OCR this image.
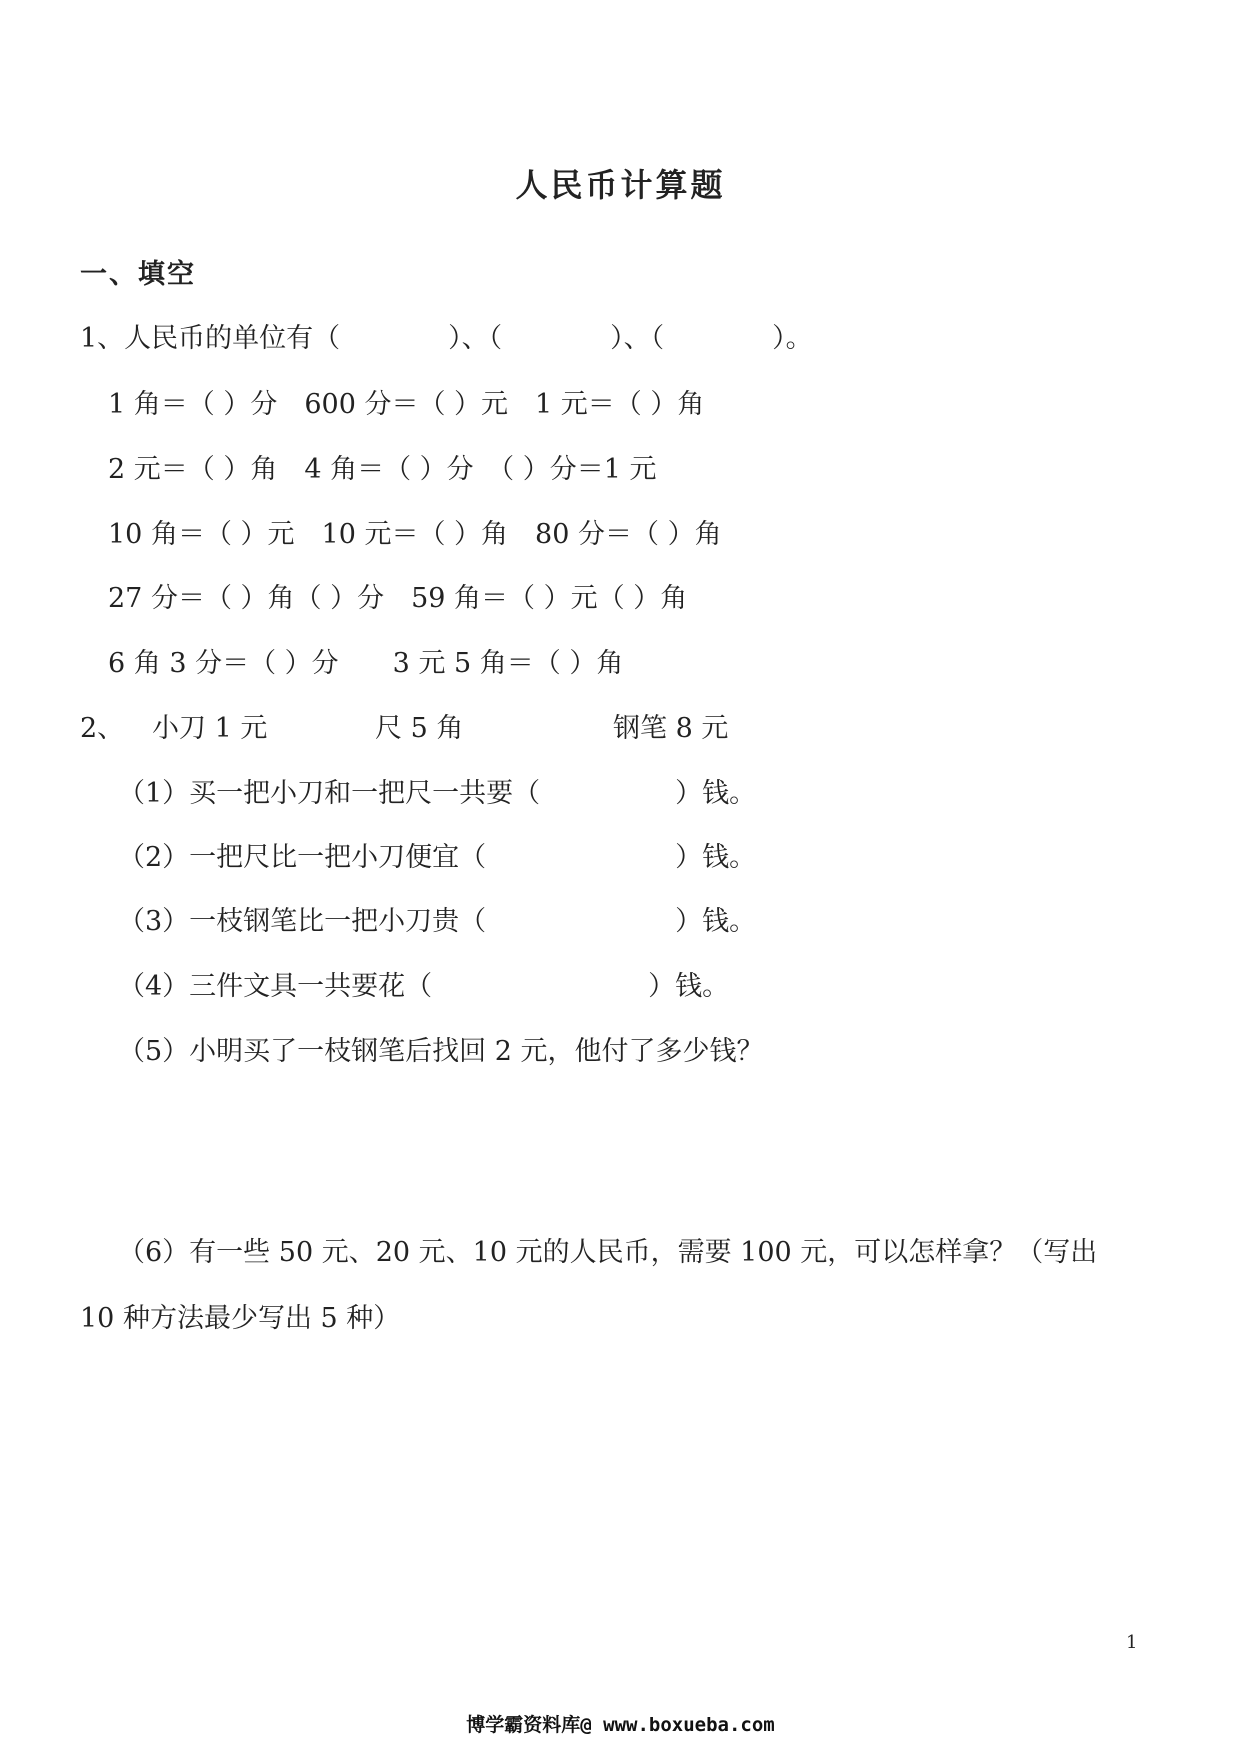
人民币计算题
一、填空
1、人民币的单位有（　　　　）、（　　　　）、（　　　　）。
1 角＝（ ）分　600 分＝（ ）元　1 元＝（ ）角
2 元＝（ ）角　4 角＝（ ）分　（ ）分＝1 元
10 角＝（ ）元　10 元＝（ ）角　80 分＝（ ）角
27 分＝（ ）角（ ）分　59 角＝（ ）元（ ）角
6 角 3 分＝（ ）分　　3 元 5 角＝（ ）角
2、 小刀 1 元	尺 5 角	钢笔 8 元
（1）买一把小刀和一把尺一共要（　　　　　）钱。
（2）一把尺比一把小刀便宜（　　　　　　　）钱。
（3）一枝钢笔比一把小刀贵（　　　　　　　）钱。
（4）三件文具一共要花（　　　　　　　　）钱。
（5）小明买了一枝钢笔后找回 2 元，他付了多少钱？
（6）有一些 50 元、20 元、10 元的人民币，需要 100 元，可以怎样拿？（写出
10 种方法最少写出 5 种）
1
博学霸资料库@ www.boxueba.com
